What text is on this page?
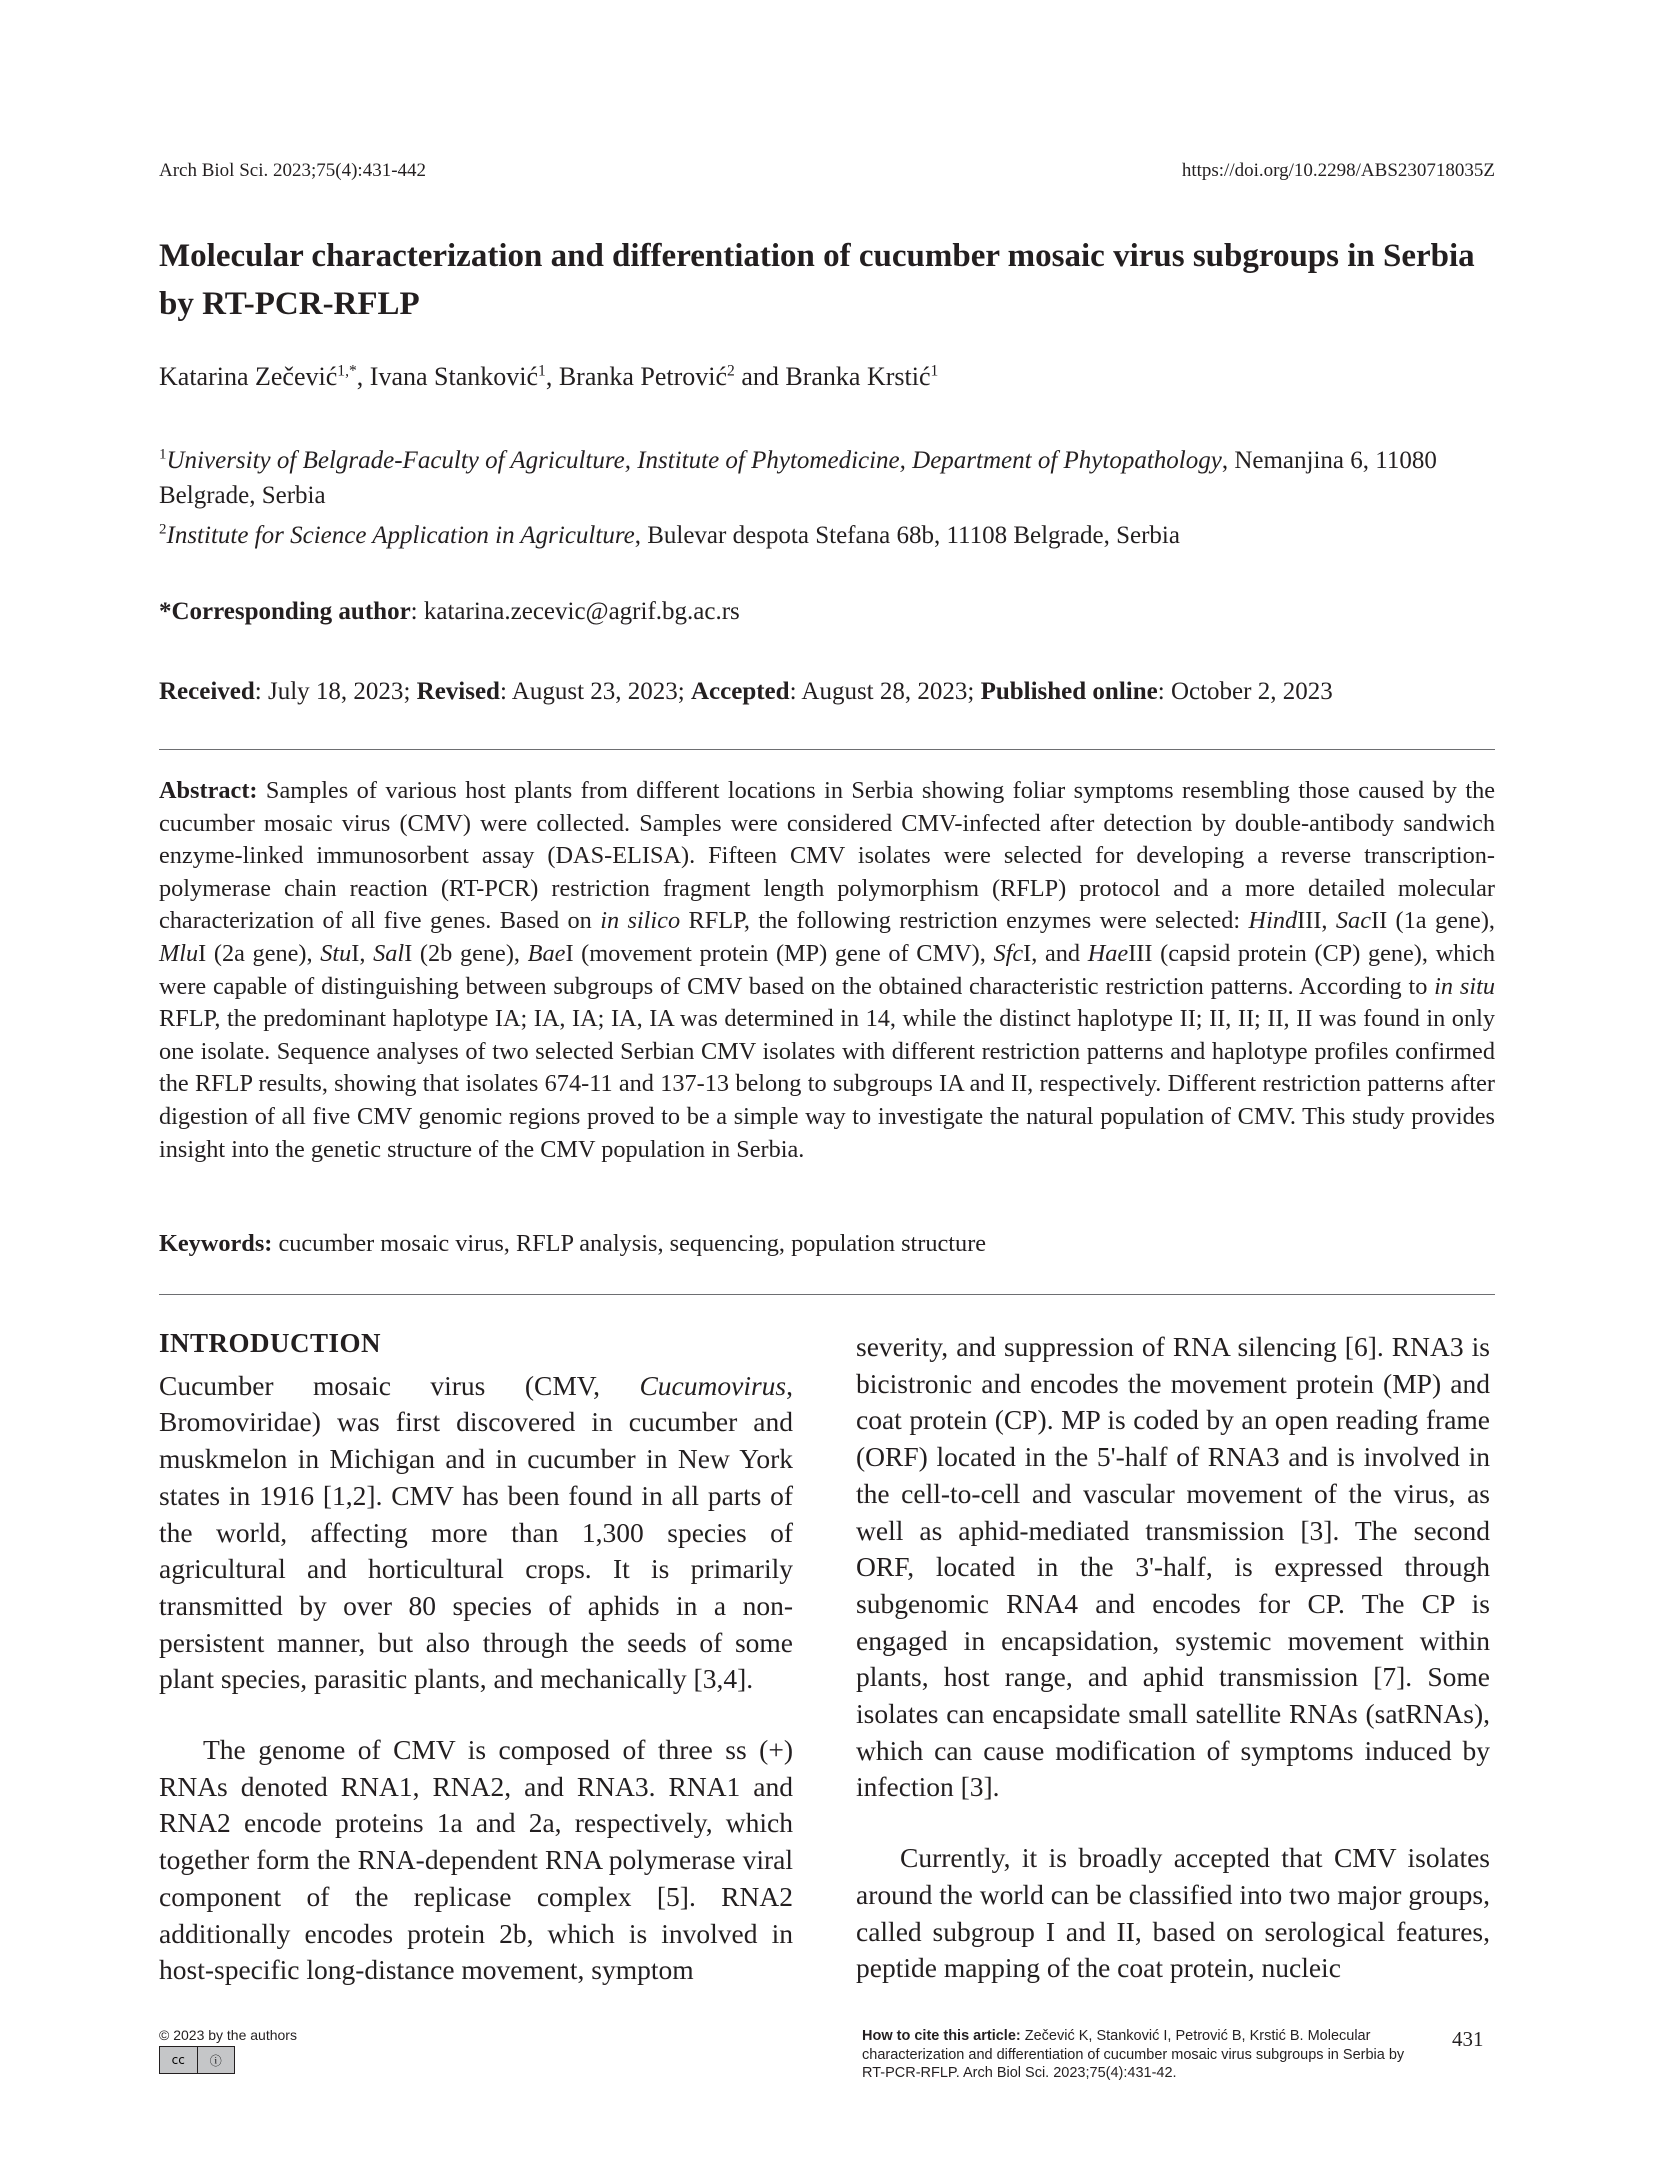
Arch Biol Sci. 2023;75(4):431-442	https://doi.org/10.2298/ABS230718035Z
Molecular characterization and differentiation of cucumber mosaic virus subgroups in Serbia by RT-PCR-RFLP
Katarina Zečević$^{1,*}$, Ivana Stanković$^1$, Branka Petrović$^2$ and Branka Krstić$^1$
$^1$University of Belgrade-Faculty of Agriculture, Institute of Phytomedicine, Department of Phytopathology, Nemanjina 6, 11080 Belgrade, Serbia
$^2$Institute for Science Application in Agriculture, Bulevar despota Stefana 68b, 11108 Belgrade, Serbia
*Corresponding author: katarina.zecevic@agrif.bg.ac.rs
Received: July 18, 2023; Revised: August 23, 2023; Accepted: August 28, 2023; Published online: October 2, 2023
Abstract: Samples of various host plants from different locations in Serbia showing foliar symptoms resembling those caused by the cucumber mosaic virus (CMV) were collected. Samples were considered CMV-infected after detection by double-antibody sandwich enzyme-linked immunosorbent assay (DAS-ELISA). Fifteen CMV isolates were selected for developing a reverse transcription-polymerase chain reaction (RT-PCR) restriction fragment length polymorphism (RFLP) protocol and a more detailed molecular characterization of all five genes. Based on in silico RFLP, the following restriction enzymes were selected: HindIII, SacII (1a gene), MluI (2a gene), StuI, SalI (2b gene), BaeI (movement protein (MP) gene of CMV), SfcI, and HaeIII (capsid protein (CP) gene), which were capable of distinguishing between subgroups of CMV based on the obtained characteristic restriction patterns. According to in situ RFLP, the predominant haplotype IA; IA, IA; IA, IA was determined in 14, while the distinct haplotype II; II, II; II, II was found in only one isolate. Sequence analyses of two selected Serbian CMV isolates with different restriction patterns and haplotype profiles confirmed the RFLP results, showing that isolates 674-11 and 137-13 belong to subgroups IA and II, respectively. Different restriction patterns after digestion of all five CMV genomic regions proved to be a simple way to investigate the natural population of CMV. This study provides insight into the genetic structure of the CMV population in Serbia.
Keywords: cucumber mosaic virus, RFLP analysis, sequencing, population structure
INTRODUCTION

Cucumber mosaic virus (CMV, Cucumovirus, Bromoviridae) was first discovered in cucumber and muskmelon in Michigan and in cucumber in New York states in 1916 [1,2]. CMV has been found in all parts of the world, affecting more than 1,300 species of agricultural and horticultural crops. It is primarily transmitted by over 80 species of aphids in a non-persistent manner, but also through the seeds of some plant species, parasitic plants, and mechanically [3,4].

The genome of CMV is composed of three ss (+) RNAs denoted RNA1, RNA2, and RNA3. RNA1 and RNA2 encode proteins 1a and 2a, respectively, which together form the RNA-dependent RNA polymerase viral component of the replicase complex [5]. RNA2 additionally encodes protein 2b, which is involved in host-specific long-distance movement, symptom

severity, and suppression of RNA silencing [6]. RNA3 is bicistronic and encodes the movement protein (MP) and coat protein (CP). MP is coded by an open reading frame (ORF) located in the 5'-half of RNA3 and is involved in the cell-to-cell and vascular movement of the virus, as well as aphid-mediated transmission [3]. The second ORF, located in the 3'-half, is expressed through subgenomic RNA4 and encodes for CP. The CP is engaged in encapsidation, systemic movement within plants, host range, and aphid transmission [7]. Some isolates can encapsidate small satellite RNAs (satRNAs), which can cause modification of symptoms induced by infection [3].

Currently, it is broadly accepted that CMV isolates around the world can be classified into two major groups, called subgroup I and II, based on serological features, peptide mapping of the coat protein, nucleic

© 2023 by the authors
cc	ⓘ
How to cite this article: Zečević K, Stanković I, Petrović B, Krstić B. Molecular characterization and differentiation of cucumber mosaic virus subgroups in Serbia by RT-PCR-RFLP. Arch Biol Sci. 2023;75(4):431-42.
431
